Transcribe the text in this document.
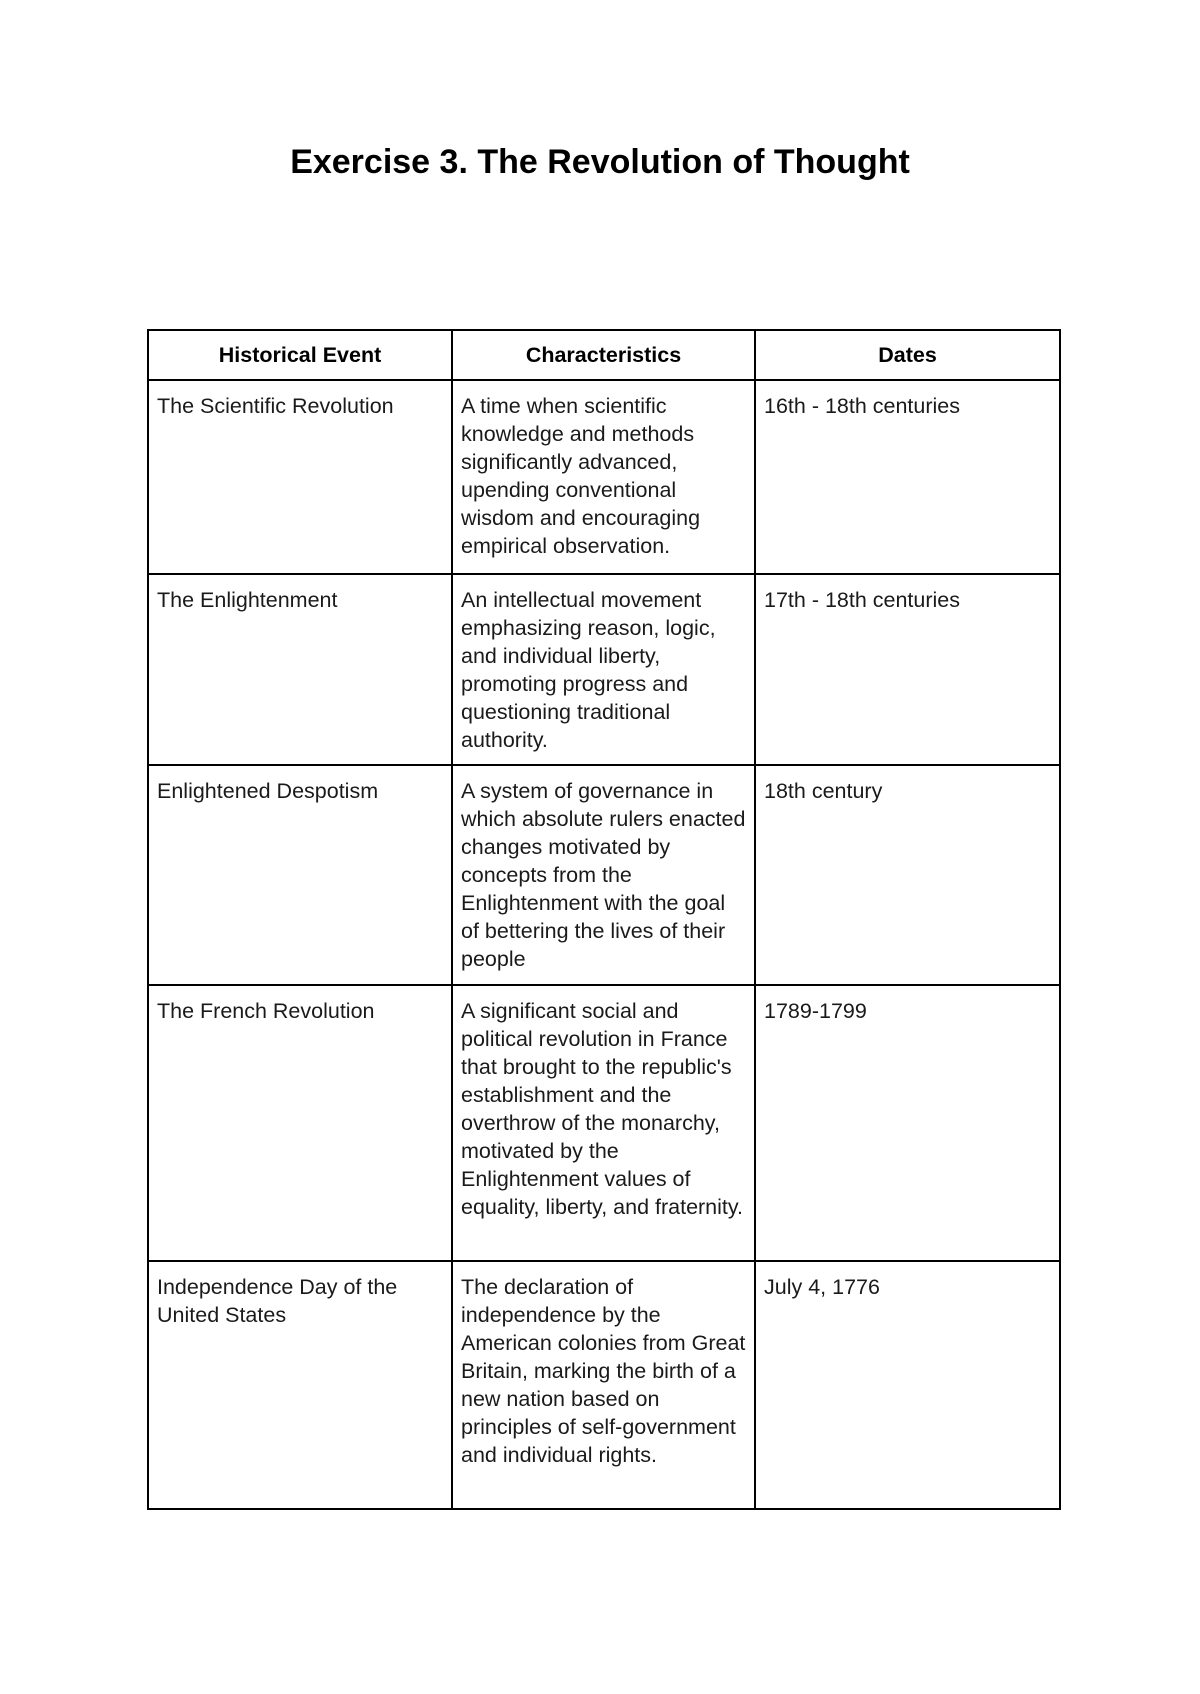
Exercise 3. The Revolution of Thought
Historical Event	Characteristics	Dates
The Scientific Revolution	A time when scientific knowledge and methods significantly advanced, upending conventional wisdom and encouraging empirical observation.	16th - 18th centuries
The Enlightenment	An intellectual movement emphasizing reason, logic, and individual liberty, promoting progress and questioning traditional authority.	17th - 18th centuries
Enlightened Despotism	A system of governance in which absolute rulers enacted changes motivated by concepts from the Enlightenment with the goal of bettering the lives of their people	18th century
The French Revolution	A significant social and political revolution in France that brought to the republic's establishment and the overthrow of the monarchy, motivated by the Enlightenment values of equality, liberty, and fraternity.	1789-1799
Independence Day of the United States	The declaration of independence by the American colonies from Great Britain, marking the birth of a new nation based on principles of self-government and individual rights.	July 4, 1776
